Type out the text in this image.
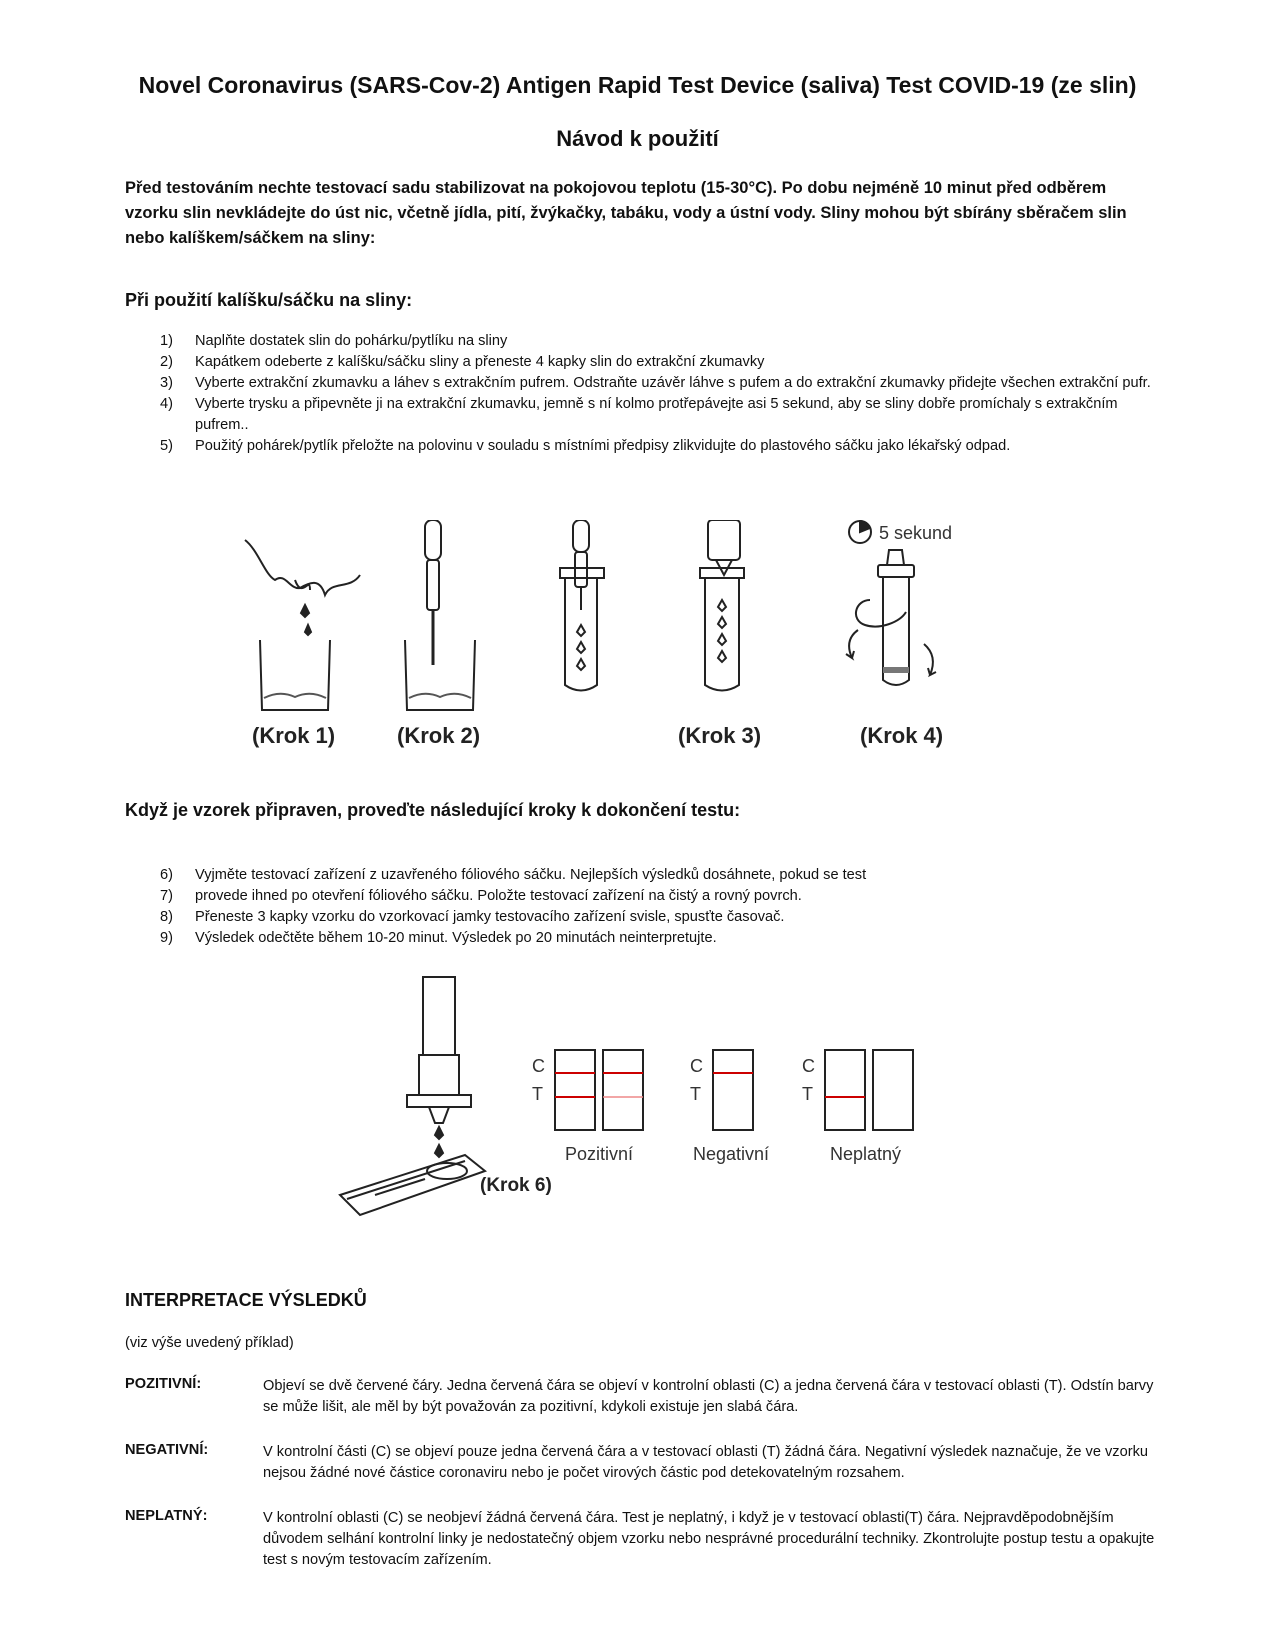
Novel Coronavirus (SARS-Cov-2) Antigen Rapid Test Device (saliva) Test COVID-19 (ze slin)
Návod k použití
Před testováním nechte testovací sadu stabilizovat na pokojovou teplotu (15-30°C). Po dobu nejméně 10 minut před odběrem vzorku slin nevkládejte do úst nic, včetně jídla, pití, žvýkačky, tabáku, vody a ústní vody. Sliny mohou být sbírány sběračem slin nebo kalíškem/sáčkem na sliny:
Při použití kalíšku/sáčku na sliny:
1) Naplňte dostatek slin do pohárku/pytlíku na sliny
2) Kapátkem odeberte z kalíšku/sáčku sliny a přeneste 4 kapky slin do extrakční zkumavky
3) Vyberte extrakční zkumavku a láhev s extrakčním pufrem. Odstraňte uzávěr láhve s pufem a do extrakční zkumavky přidejte všechen extrakční pufr.
4) Vyberte trysku a připevněte ji na extrakční zkumavku, jemně s ní kolmo protřepávejte asi 5 sekund, aby se sliny dobře promíchaly s extrakčním pufrem..
5) Použitý pohárek/pytlík přeložte na polovinu v souladu s místními předpisy zlikvidujte do plastového sáčku jako lékařský odpad.
5 sekund
(Krok 1)	(Krok 2)	(Krok 3)	(Krok 4)
Když je vzorek připraven, proveďte následující kroky k dokončení testu:
6) Vyjměte testovací zařízení z uzavřeného fóliového sáčku. Nejlepších výsledků dosáhnete, pokud se test
7) provede ihned po otevření fóliového sáčku. Položte testovací zařízení na čistý a rovný povrch.
8) Přeneste 3 kapky vzorku do vzorkovací jamky testovacího zařízení svisle, spusťte časovač.
9) Výsledek odečtěte během 10-20 minut. Výsledek po 20 minutách neinterpretujte.
C
T
C
T
C
T
Pozitivní	Negativní	Neplatný
(Krok 6)
INTERPRETACE VÝSLEDKŮ
(viz výše uvedený příklad)
POZITIVNÍ:	Objeví se dvě červené čáry. Jedna červená čára se objeví v kontrolní oblasti (C) a jedna červená čára v testovací oblasti (T). Odstín barvy se může lišit, ale měl by být považován za pozitivní, kdykoli existuje jen slabá čára.
NEGATIVNÍ:	V kontrolní části (C) se objeví pouze jedna červená čára a v testovací oblasti (T) žádná čára. Negativní výsledek naznačuje, že ve vzorku nejsou žádné nové částice coronaviru nebo je počet virových částic pod detekovatelným rozsahem.
NEPLATNÝ:	V kontrolní oblasti (C) se neobjeví žádná červená čára. Test je neplatný, i když je v testovací oblasti(T) čára. Nejpravděpodobnějším důvodem selhání kontrolní linky je nedostatečný objem vzorku nebo nesprávné procedurální techniky. Zkontrolujte postup testu a opakujte test s novým testovacím zařízením.
